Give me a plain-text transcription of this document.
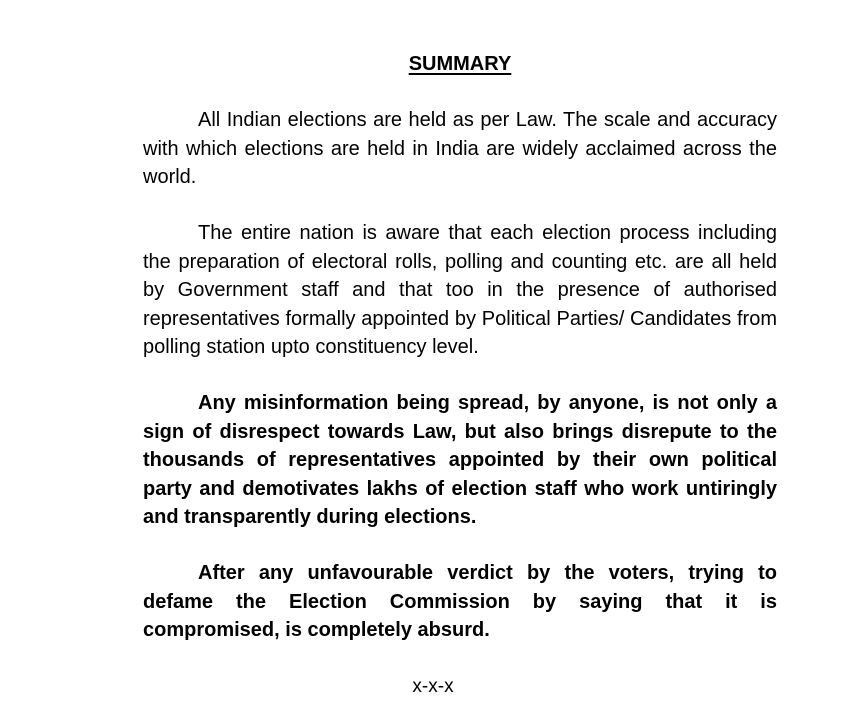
SUMMARY

All Indian elections are held as per Law. The scale and accuracy with which elections are held in India are widely acclaimed across the world.

The entire nation is aware that each election process including the preparation of electoral rolls, polling and counting etc. are all held by Government staff and that too in the presence of authorised representatives formally appointed by Political Parties/ Candidates from polling station upto constituency level.

Any misinformation being spread, by anyone, is not only a sign of disrespect towards Law, but also brings disrepute to the thousands of representatives appointed by their own political party and demotivates lakhs of election staff who work untiringly and transparently during elections.

After any unfavourable verdict by the voters, trying to defame the Election Commission by saying that it is compromised, is completely absurd.

x-x-x
